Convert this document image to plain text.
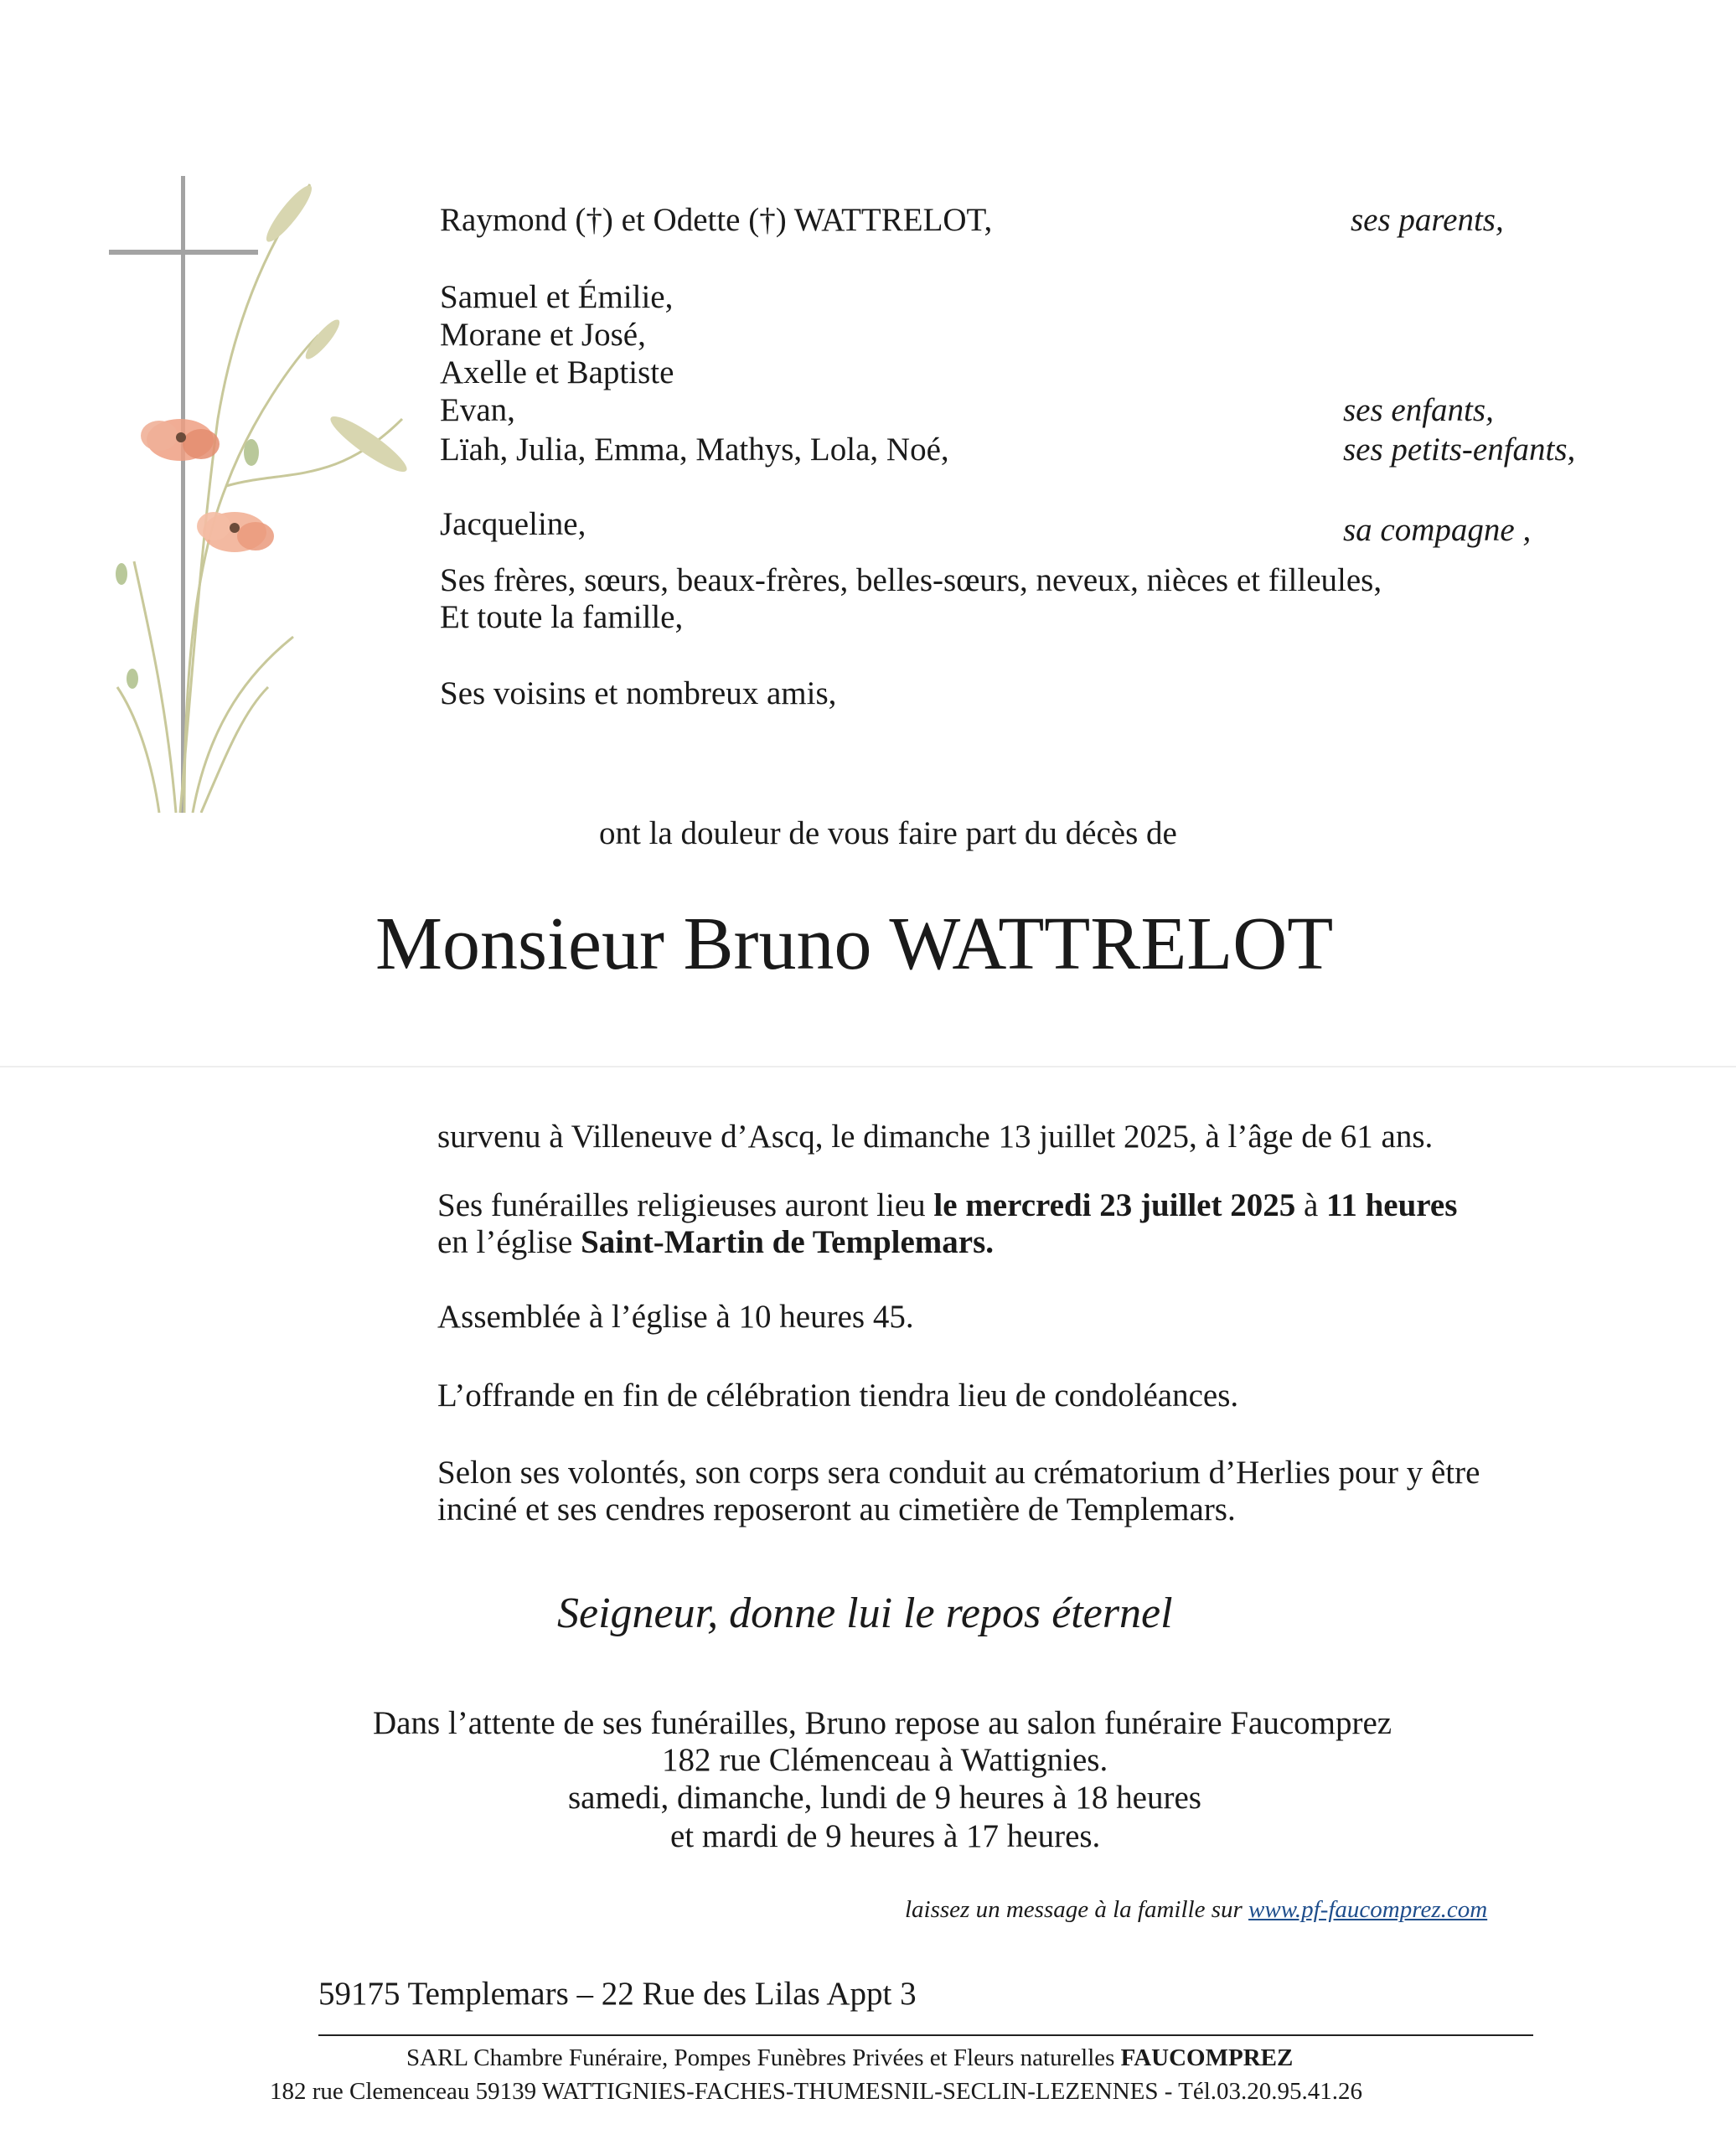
Raymond (†) et Odette (†) WATTRELOT,	ses parents,
Samuel et Émilie,
Morane et José,
Axelle et Baptiste
Evan,	ses enfants,
Lïah, Julia, Emma, Mathys, Lola, Noé,	ses petits-enfants,
Jacqueline,	sa compagne ,
Ses frères, sœurs, beaux-frères, belles-sœurs, neveux, nièces et filleules,
Et toute la famille,
Ses voisins et nombreux amis,
ont la douleur de vous faire part du décès de
Monsieur Bruno WATTRELOT
survenu à Villeneuve d’Ascq, le dimanche 13 juillet 2025, à l’âge de 61 ans.
Ses funérailles religieuses auront lieu le mercredi 23 juillet 2025 à 11 heures
en l’église Saint-Martin de Templemars.
Assemblée à l’église à 10 heures 45.
L’offrande en fin de célébration tiendra lieu de condoléances.
Selon ses volontés, son corps sera conduit au crématorium d’Herlies pour y être
inciné et ses cendres reposeront au cimetière de Templemars.
Seigneur, donne lui le repos éternel
Dans l’attente de ses funérailles, Bruno repose au salon funéraire Faucomprez
182 rue Clémenceau à Wattignies.
samedi, dimanche, lundi de 9 heures à 18 heures
et mardi de 9 heures à 17 heures.
laissez un message à la famille sur www.pf-faucomprez.com
59175 Templemars – 22 Rue des Lilas Appt 3
SARL Chambre Funéraire, Pompes Funèbres Privées et Fleurs naturelles FAUCOMPREZ
182 rue Clemenceau 59139 WATTIGNIES-FACHES-THUMESNIL-SECLIN-LEZENNES - Tél.03.20.95.41.26
